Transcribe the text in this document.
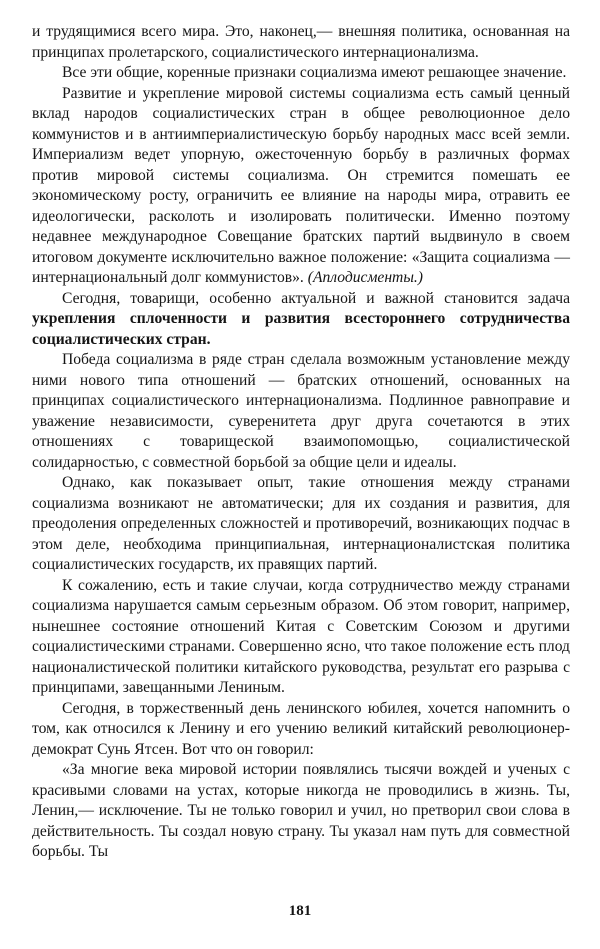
и трудящимися всего мира. Это, наконец,— внешняя политика, основанная на принципах пролетарского, социалистического интернационализма.

Все эти общие, коренные признаки социализма имеют решающее значение.

Развитие и укрепление мировой системы социализма есть самый ценный вклад народов социалистических стран в общее революционное дело коммунистов и в антиимпериалистическую борьбу народных масс всей земли. Империализм ведет упорную, ожесточенную борьбу в различных формах против мировой системы социализма. Он стремится помешать ее экономическому росту, ограничить ее влияние на народы мира, отравить ее идеологически, расколоть и изолировать политически. Именно поэтому недавнее международное Совещание братских партий выдвинуло в своем итоговом документе исключительно важное положение: «Защита социализма — интернациональный долг коммунистов». (Аплодисменты.)

Сегодня, товарищи, особенно актуальной и важной становится задача укрепления сплоченности и развития всестороннего сотрудничества социалистических стран.

Победа социализма в ряде стран сделала возможным установление между ними нового типа отношений — братских отношений, основанных на принципах социалистического интернационализма. Подлинное равноправие и уважение независимости, суверенитета друг друга сочетаются в этих отношениях с товарищеской взаимопомощью, социалистической солидарностью, с совместной борьбой за общие цели и идеалы.

Однако, как показывает опыт, такие отношения между странами социализма возникают не автоматически; для их создания и развития, для преодоления определенных сложностей и противоречий, возникающих подчас в этом деле, необходима принципиальная, интернационалистская политика социалистических государств, их правящих партий.

К сожалению, есть и такие случаи, когда сотрудничество между странами социализма нарушается самым серьезным образом. Об этом говорит, например, нынешнее состояние отношений Китая с Советским Союзом и другими социалистическими странами. Совершенно ясно, что такое положение есть плод националистической политики китайского руководства, результат его разрыва с принципами, завещанными Лениным.

Сегодня, в торжественный день ленинского юбилея, хочется напомнить о том, как относился к Ленину и его учению великий китайский революционер-демократ Сунь Ятсен. Вот что он говорил:

«За многие века мировой истории появлялись тысячи вождей и ученых с красивыми словами на устах, которые никогда не проводились в жизнь. Ты, Ленин,— исключение. Ты не только говорил и учил, но претворил свои слова в действительность. Ты создал новую страну. Ты указал нам путь для совместной борьбы. Ты

181
